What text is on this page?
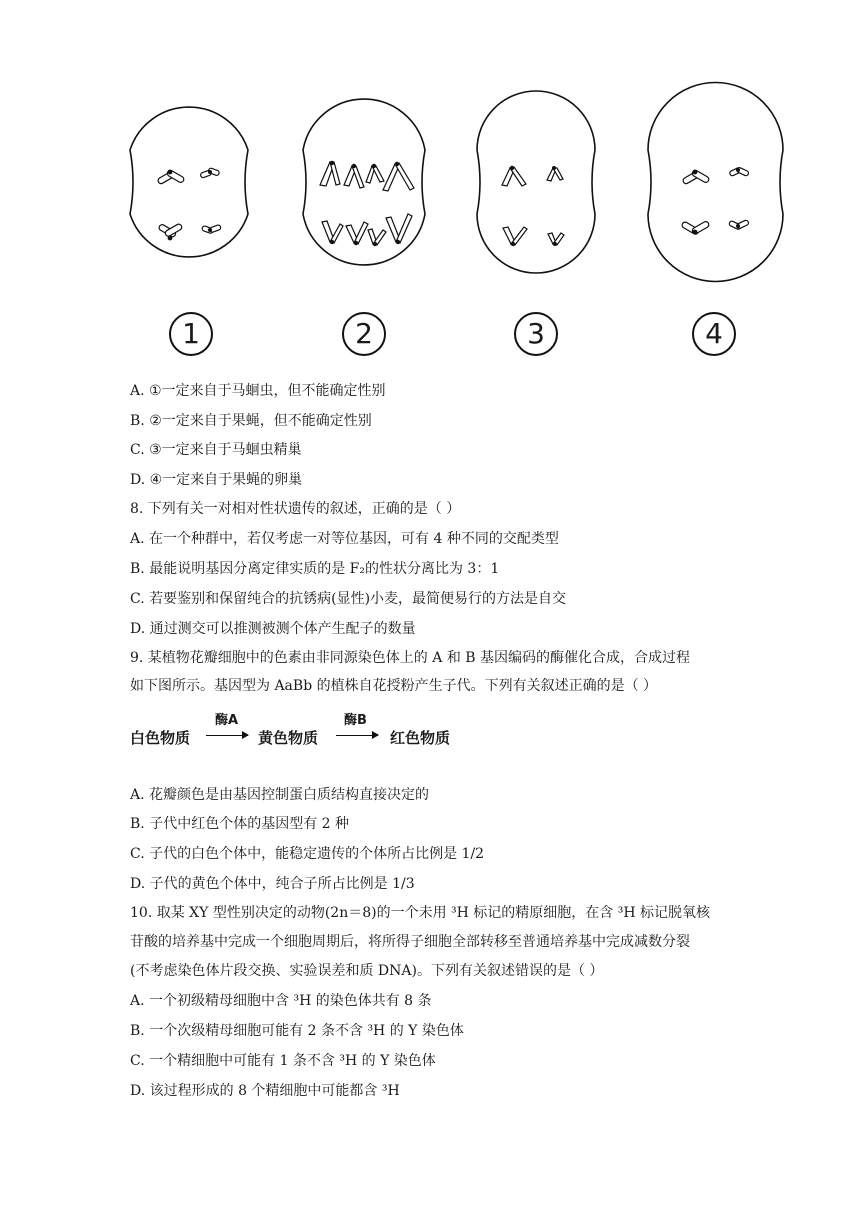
1	2	3	4
A. ①一定来自于马蛔虫，但不能确定性别
B. ②一定来自于果蝇，但不能确定性别
C. ③一定来自于马蛔虫精巢
D. ④一定来自于果蝇的卵巢
8. 下列有关一对相对性状遗传的叙述，正确的是（ ）
A. 在一个种群中，若仅考虑一对等位基因，可有 4 种不同的交配类型
B. 最能说明基因分离定律实质的是 F₂的性状分离比为 3：1
C. 若要鉴别和保留纯合的抗锈病(显性)小麦，最简便易行的方法是自交
D. 通过测交可以推测被测个体产生配子的数量
9. 某植物花瓣细胞中的色素由非同源染色体上的 A 和 B 基因编码的酶催化合成，合成过程
如下图所示。基因型为 AaBb 的植株自花授粉产生子代。下列有关叙述正确的是（ ）
白色物质
酶A
黄色物质
酶B
红色物质
A. 花瓣颜色是由基因控制蛋白质结构直接决定的
B. 子代中红色个体的基因型有 2 种
C. 子代的白色个体中，能稳定遗传的个体所占比例是 1/2
D. 子代的黄色个体中，纯合子所占比例是 1/3
10. 取某 XY 型性别决定的动物(2n＝8)的一个未用 ³H 标记的精原细胞，在含 ³H 标记脱氧核
苷酸的培养基中完成一个细胞周期后，将所得子细胞全部转移至普通培养基中完成减数分裂
(不考虑染色体片段交换、实验误差和质 DNA)。下列有关叙述错误的是（ ）
A. 一个初级精母细胞中含 ³H 的染色体共有 8 条
B. 一个次级精母细胞可能有 2 条不含 ³H 的 Y 染色体
C. 一个精细胞中可能有 1 条不含 ³H 的 Y 染色体
D. 该过程形成的 8 个精细胞中可能都含 ³H
